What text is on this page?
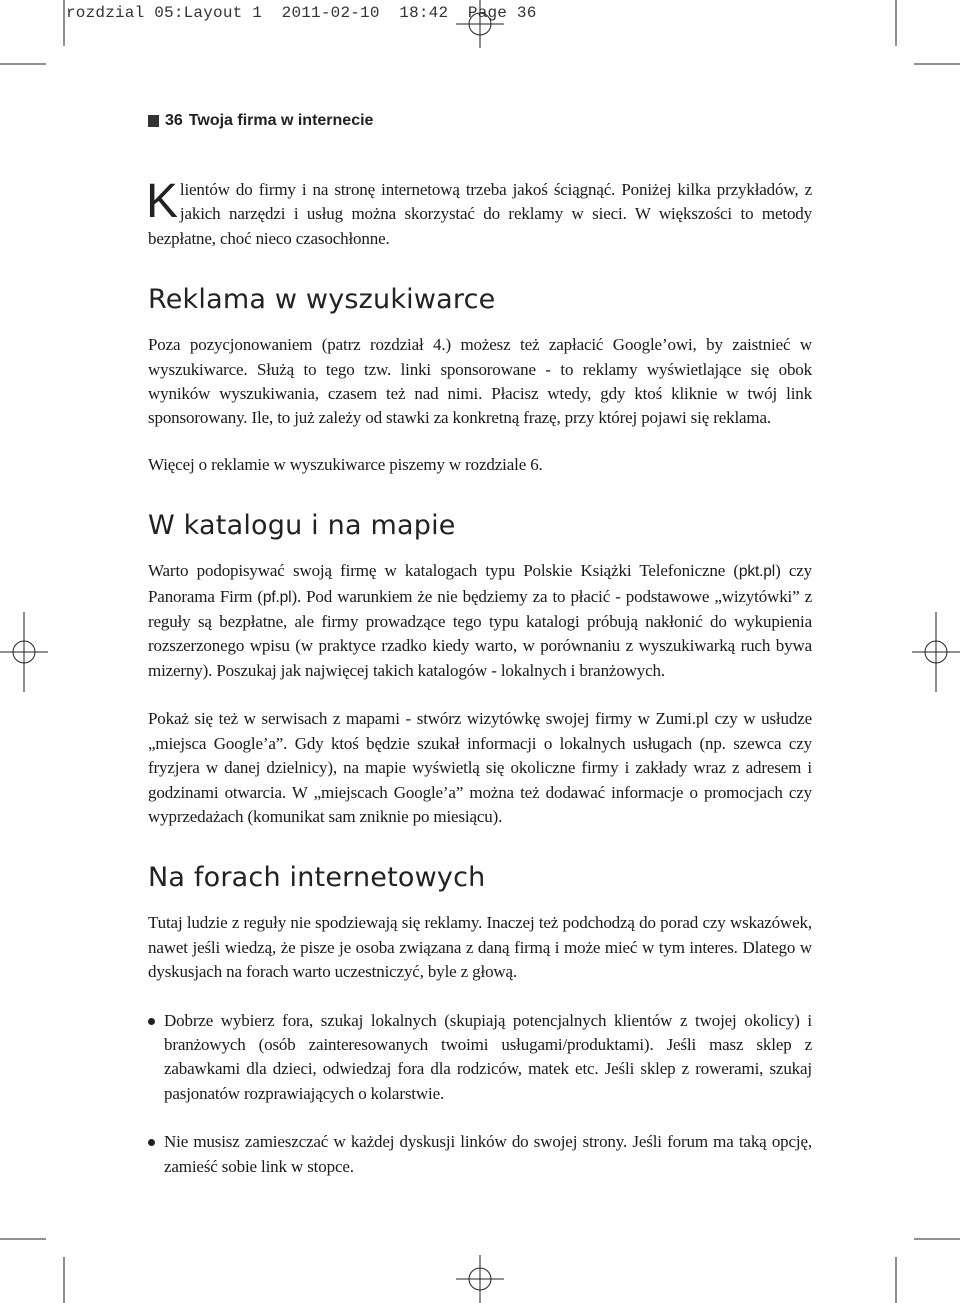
rozdzial 05:Layout 1 2011-02-10 18:42 Page 36
36 Twoja firma w internecie

Klientów do firmy i na stronę internetową trzeba jakoś ściągnąć. Poniżej kilka przykładów, z jakich narzędzi i usług można skorzystać do reklamy w sieci. W większości to metody bezpłatne, choć nieco czasochłonne.

Reklama w wyszukiwarce

Poza pozycjonowaniem (patrz rozdział 4.) możesz też zapłacić Google’owi, by zaistnieć w wyszukiwarce. Służą to tego tzw. linki sponsorowane - to reklamy wyświetlające się obok wyników wyszukiwania, czasem też nad nimi. Płacisz wtedy, gdy ktoś kliknie w twój link sponsorowany. Ile, to już zależy od stawki za konkretną frazę, przy której pojawi się reklama.

Więcej o reklamie w wyszukiwarce piszemy w rozdziale 6.

W katalogu i na mapie

Warto podopisywać swoją firmę w katalogach typu Polskie Książki Telefoniczne (pkt.pl) czy Panorama Firm (pf.pl). Pod warunkiem że nie będziemy za to płacić - podstawowe „wizytówki” z reguły są bezpłatne, ale firmy prowadzące tego typu katalogi próbują nakłonić do wykupienia rozszerzonego wpisu (w praktyce rzadko kiedy warto, w porównaniu z wyszukiwarką ruch bywa mizerny). Poszukaj jak najwięcej takich katalogów - lokalnych i branżowych.

Pokaż się też w serwisach z mapami - stwórz wizytówkę swojej firmy w Zumi.pl czy w usłudze „miejsca Google’a”. Gdy ktoś będzie szukał informacji o lokalnych usługach (np. szewca czy fryzjera w danej dzielnicy), na mapie wyświetlą się okoliczne firmy i zakłady wraz z adresem i godzinami otwarcia. W „miejscach Google’a” można też dodawać informacje o promocjach czy wyprzedażach (komunikat sam zniknie po miesiącu).

Na forach internetowych

Tutaj ludzie z reguły nie spodziewają się reklamy. Inaczej też podchodzą do porad czy wskazówek, nawet jeśli wiedzą, że pisze je osoba związana z daną firmą i może mieć w tym interes. Dlatego w dyskusjach na forach warto uczestniczyć, byle z głową.

Dobrze wybierz fora, szukaj lokalnych (skupiają potencjalnych klientów z twojej okolicy) i branżowych (osób zainteresowanych twoimi usługami/produktami). Jeśli masz sklep z zabawkami dla dzieci, odwiedzaj fora dla rodziców, matek etc. Jeśli sklep z rowerami, szukaj pasjonatów rozprawiających o kolarstwie.

Nie musisz zamieszczać w każdej dyskusji linków do swojej strony. Jeśli forum ma taką opcję, zamieść sobie link w stopce.
